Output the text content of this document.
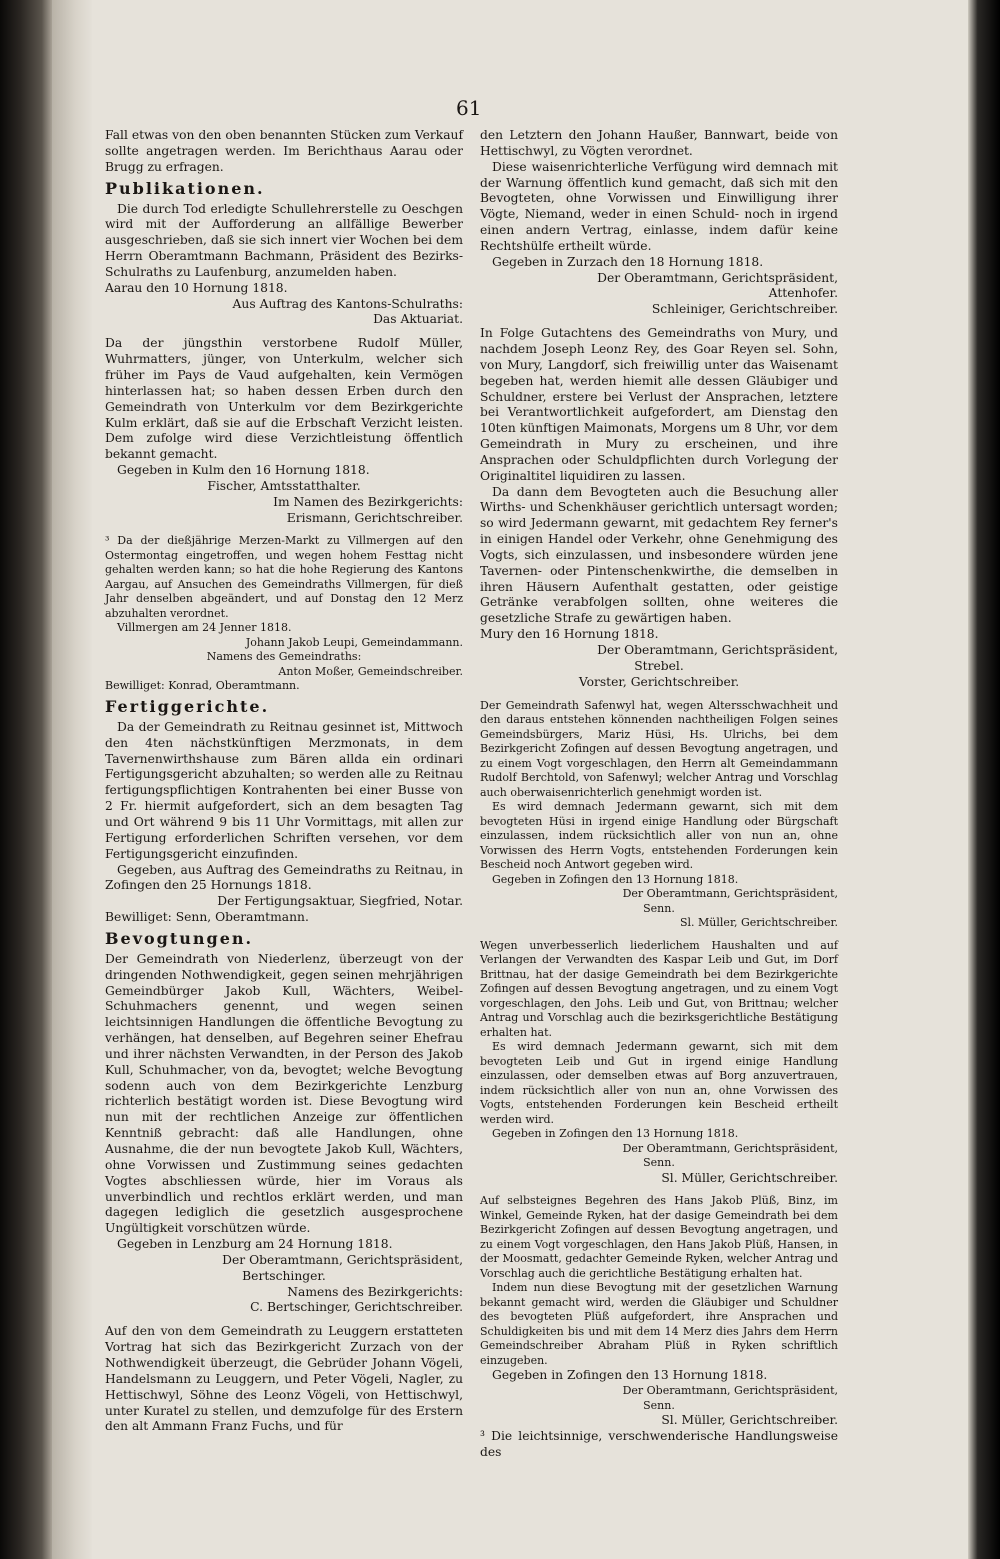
61

Fall etwas von den oben benannten Stücken zum Verkauf sollte angetragen werden. Im Berichthaus Aarau oder Brugg zu erfragen.

Publikationen.

Die durch Tod erledigte Schullehrerstelle zu Oeschgen wird mit der Aufforderung an allfällige Bewerber ausgeschrieben, daß sie sich innert vier Wochen bei dem Herrn Oberamtmann Bachmann, Präsident des Bezirks-Schulraths zu Laufenburg, anzumelden haben.

Aarau den 10 Hornung 1818.

Aus Auftrag des Kantons-Schulraths:

Das Aktuariat.

Da der jüngsthin verstorbene Rudolf Müller, Wuhrmatters, jünger, von Unterkulm, welcher sich früher im Pays de Vaud aufgehalten, kein Vermögen hinterlassen hat; so haben dessen Erben durch den Gemeindrath von Unterkulm vor dem Bezirkgerichte Kulm erklärt, daß sie auf die Erbschaft Verzicht leisten. Dem zufolge wird diese Verzichtleistung öffentlich bekannt gemacht.

Gegeben in Kulm den 16 Hornung 1818.

Fischer, Amtsstatthalter.

Im Namen des Bezirkgerichts:

Erismann, Gerichtschreiber.

³ Da der dießjährige Merzen-Markt zu Villmergen auf den Ostermontag eingetroffen, und wegen hohem Festtag nicht gehalten werden kann; so hat die hohe Regierung des Kantons Aargau, auf Ansuchen des Gemeindraths Villmergen, für dieß Jahr denselben abgeändert, und auf Donstag den 12 Merz abzuhalten verordnet.

Villmergen am 24 Jenner 1818.

Johann Jakob Leupi, Gemeindammann.

Namens des Gemeindraths:

Anton Moßer, Gemeindschreiber.

Bewilliget: Konrad, Oberamtmann.

Fertiggerichte.

Da der Gemeindrath zu Reitnau gesinnet ist, Mittwoch den 4ten nächstkünftigen Merzmonats, in dem Tavernenwirthshause zum Bären allda ein ordinari Fertigungsgericht abzuhalten; so werden alle zu Reitnau fertigungspflichtigen Kontrahenten bei einer Busse von 2 Fr. hiermit aufgefordert, sich an dem besagten Tag und Ort während 9 bis 11 Uhr Vormittags, mit allen zur Fertigung erforderlichen Schriften versehen, vor dem Fertigungsgericht einzufinden.

Gegeben, aus Auftrag des Gemeindraths zu Reitnau, in Zofingen den 25 Hornungs 1818.

Der Fertigungsaktuar, Siegfried, Notar.

Bewilliget: Senn, Oberamtmann.

Bevogtungen.

Der Gemeindrath von Niederlenz, überzeugt von der dringenden Nothwendigkeit, gegen seinen mehrjährigen Gemeindbürger Jakob Kull, Wächters, Weibel-Schuhmachers genennt, und wegen seinen leichtsinnigen Handlungen die öffentliche Bevogtung zu verhängen, hat denselben, auf Begehren seiner Ehefrau und ihrer nächsten Verwandten, in der Person des Jakob Kull, Schuhmacher, von da, bevogtet; welche Bevogtung sodenn auch von dem Bezirkgerichte Lenzburg richterlich bestätigt worden ist. Diese Bevogtung wird nun mit der rechtlichen Anzeige zur öffentlichen Kenntniß gebracht: daß alle Handlungen, ohne Ausnahme, die der nun bevogtete Jakob Kull, Wächters, ohne Vorwissen und Zustimmung seines gedachten Vogtes abschliessen würde, hier im Voraus als unverbindlich und rechtlos erklärt werden, und man dagegen lediglich die gesetzlich ausgesprochene Ungültigkeit vorschützen würde.

Gegeben in Lenzburg am 24 Hornung 1818.

Der Oberamtmann, Gerichtspräsident,

Bertschinger.

Namens des Bezirkgerichts:

C. Bertschinger, Gerichtschreiber.

Auf den von dem Gemeindrath zu Leuggern erstatteten Vortrag hat sich das Bezirkgericht Zurzach von der Nothwendigkeit überzeugt, die Gebrüder Johann Vögeli, Handelsmann zu Leuggern, und Peter Vögeli, Nagler, zu Hettischwyl, Söhne des Leonz Vögeli, von Hettischwyl, unter Kuratel zu stellen, und demzufolge für des Erstern den alt Ammann Franz Fuchs, und für

den Letztern den Johann Haußer, Bannwart, beide von Hettischwyl, zu Vögten verordnet.

Diese waisenrichterliche Verfügung wird demnach mit der Warnung öffentlich kund gemacht, daß sich mit den Bevogteten, ohne Vorwissen und Einwilligung ihrer Vögte, Niemand, weder in einen Schuld- noch in irgend einen andern Vertrag, einlasse, indem dafür keine Rechtshülfe ertheilt würde.

Gegeben in Zurzach den 18 Hornung 1818.

Der Oberamtmann, Gerichtspräsident,

Attenhofer.

Schleiniger, Gerichtschreiber.

In Folge Gutachtens des Gemeindraths von Mury, und nachdem Joseph Leonz Rey, des Goar Reyen sel. Sohn, von Mury, Langdorf, sich freiwillig unter das Waisenamt begeben hat, werden hiemit alle dessen Gläubiger und Schuldner, erstere bei Verlust der Ansprachen, letztere bei Verantwortlichkeit aufgefordert, am Dienstag den 10ten künftigen Maimonats, Morgens um 8 Uhr, vor dem Gemeindrath in Mury zu erscheinen, und ihre Ansprachen oder Schuldpflichten durch Vorlegung der Originaltitel liquidiren zu lassen.

Da dann dem Bevogteten auch die Besuchung aller Wirths- und Schenkhäuser gerichtlich untersagt worden; so wird Jedermann gewarnt, mit gedachtem Rey fernerꞌs in einigen Handel oder Verkehr, ohne Genehmigung des Vogts, sich einzulassen, und insbesondere würden jene Tavernen- oder Pintenschenkwirthe, die demselben in ihren Häusern Aufenthalt gestatten, oder geistige Getränke verabfolgen sollten, ohne weiteres die gesetzliche Strafe zu gewärtigen haben.

Mury den 16 Hornung 1818.

Der Oberamtmann, Gerichtspräsident,

Strebel.

Vorster, Gerichtschreiber.

Der Gemeindrath Safenwyl hat, wegen Altersschwachheit und den daraus entstehen könnenden nachtheiligen Folgen seines Gemeindsbürgers, Mariz Hüsi, Hs. Ulrichs, bei dem Bezirkgericht Zofingen auf dessen Bevogtung angetragen, und zu einem Vogt vorgeschlagen, den Herrn alt Gemeindammann Rudolf Berchtold, von Safenwyl; welcher Antrag und Vorschlag auch oberwaisenrichterlich genehmigt worden ist.

Es wird demnach Jedermann gewarnt, sich mit dem bevogteten Hüsi in irgend einige Handlung oder Bürgschaft einzulassen, indem rücksichtlich aller von nun an, ohne Vorwissen des Herrn Vogts, entstehenden Forderungen kein Bescheid noch Antwort gegeben wird.

Gegeben in Zofingen den 13 Hornung 1818.

Der Oberamtmann, Gerichtspräsident,

Senn.

Sl. Müller, Gerichtschreiber.

Wegen unverbesserlich liederlichem Haushalten und auf Verlangen der Verwandten des Kaspar Leib und Gut, im Dorf Brittnau, hat der dasige Gemeindrath bei dem Bezirkgerichte Zofingen auf dessen Bevogtung angetragen, und zu einem Vogt vorgeschlagen, den Johs. Leib und Gut, von Brittnau; welcher Antrag und Vorschlag auch die bezirksgerichtliche Bestätigung erhalten hat.

Es wird demnach Jedermann gewarnt, sich mit dem bevogteten Leib und Gut in irgend einige Handlung einzulassen, oder demselben etwas auf Borg anzuvertrauen, indem rücksichtlich aller von nun an, ohne Vorwissen des Vogts, entstehenden Forderungen kein Bescheid ertheilt werden wird.

Gegeben in Zofingen den 13 Hornung 1818.

Der Oberamtmann, Gerichtspräsident,

Senn.

Sl. Müller, Gerichtschreiber.

Auf selbsteignes Begehren des Hans Jakob Plüß, Binz, im Winkel, Gemeinde Ryken, hat der dasige Gemeindrath bei dem Bezirkgericht Zofingen auf dessen Bevogtung angetragen, und zu einem Vogt vorgeschlagen, den Hans Jakob Plüß, Hansen, in der Moosmatt, gedachter Gemeinde Ryken, welcher Antrag und Vorschlag auch die gerichtliche Bestätigung erhalten hat.

Indem nun diese Bevogtung mit der gesetzlichen Warnung bekannt gemacht wird, werden die Gläubiger und Schuldner des bevogteten Plüß aufgefordert, ihre Ansprachen und Schuldigkeiten bis und mit dem 14 Merz dies Jahrs dem Herrn Gemeindschreiber Abraham Plüß in Ryken schriftlich einzugeben.

Gegeben in Zofingen den 13 Hornung 1818.

Der Oberamtmann, Gerichtspräsident,

Senn.

Sl. Müller, Gerichtschreiber.

³ Die leichtsinnige, verschwenderische Handlungsweise des
